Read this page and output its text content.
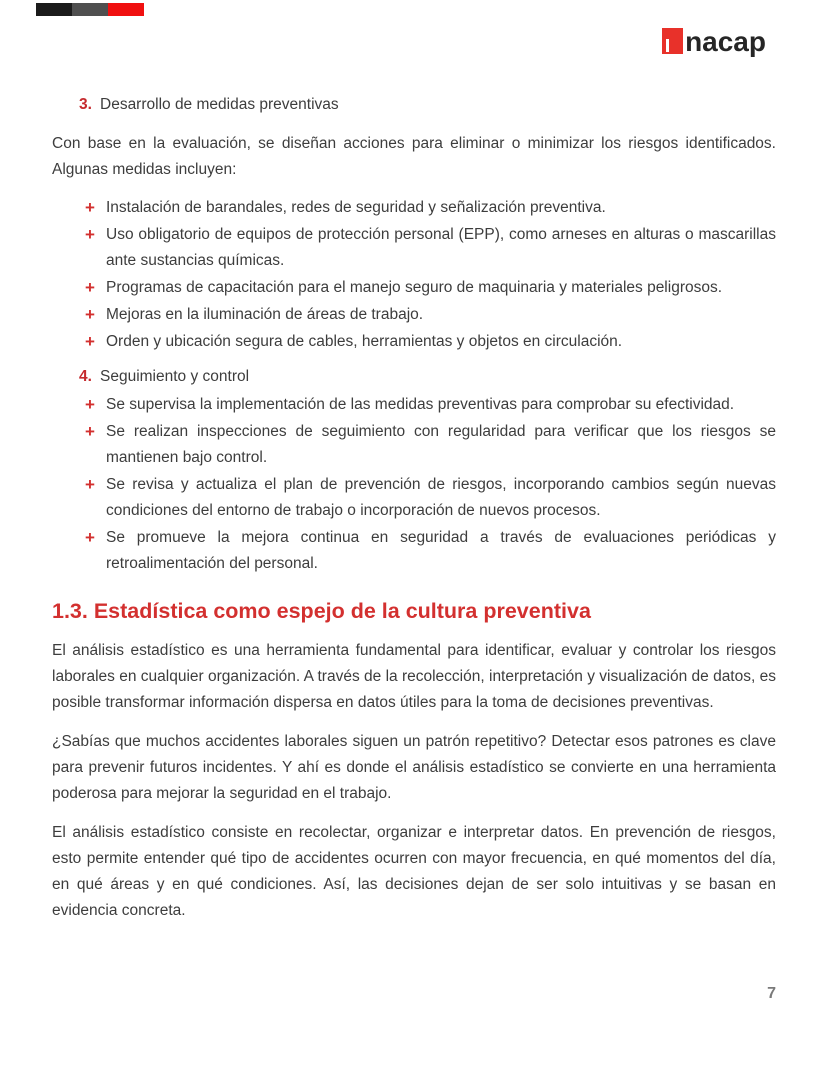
nacap
3. Desarrollo de medidas preventivas

Con base en la evaluación, se diseñan acciones para eliminar o minimizar los riesgos identificados. Algunas medidas incluyen:

+ Instalación de barandales, redes de seguridad y señalización preventiva.
+ Uso obligatorio de equipos de protección personal (EPP), como arneses en alturas o mascarillas ante sustancias químicas.
+ Programas de capacitación para el manejo seguro de maquinaria y materiales peligrosos.
+ Mejoras en la iluminación de áreas de trabajo.
+ Orden y ubicación segura de cables, herramientas y objetos en circulación.
4. Seguimiento y control
+ Se supervisa la implementación de las medidas preventivas para comprobar su efectividad.
+ Se realizan inspecciones de seguimiento con regularidad para verificar que los riesgos se mantienen bajo control.
+ Se revisa y actualiza el plan de prevención de riesgos, incorporando cambios según nuevas condiciones del entorno de trabajo o incorporación de nuevos procesos.
+ Se promueve la mejora continua en seguridad a través de evaluaciones periódicas y retroalimentación del personal.
1.3. Estadística como espejo de la cultura preventiva

El análisis estadístico es una herramienta fundamental para identificar, evaluar y controlar los riesgos laborales en cualquier organización. A través de la recolección, interpretación y visualización de datos, es posible transformar información dispersa en datos útiles para la toma de decisiones preventivas.

¿Sabías que muchos accidentes laborales siguen un patrón repetitivo? Detectar esos patrones es clave para prevenir futuros incidentes. Y ahí es donde el análisis estadístico se convierte en una herramienta poderosa para mejorar la seguridad en el trabajo.

El análisis estadístico consiste en recolectar, organizar e interpretar datos. En prevención de riesgos, esto permite entender qué tipo de accidentes ocurren con mayor frecuencia, en qué momentos del día, en qué áreas y en qué condiciones. Así, las decisiones dejan de ser solo intuitivas y se basan en evidencia concreta.

7
